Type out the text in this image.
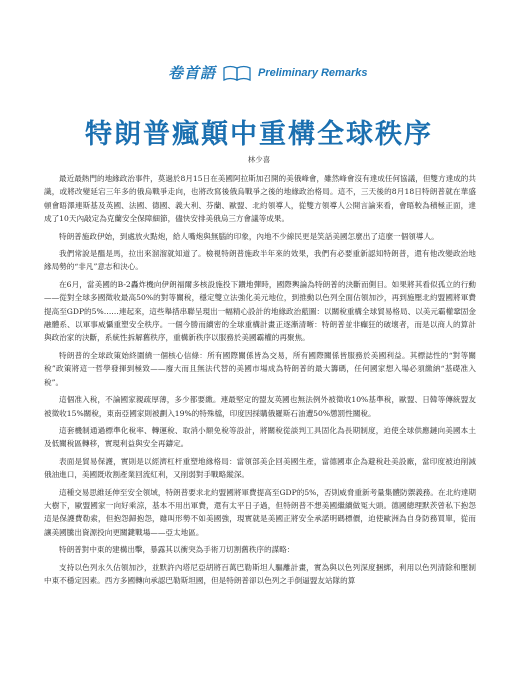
卷首語	Preliminary Remarks
特朗普瘋顛中重構全球秩序
林少喜

最近最熱門的地緣政治事件，莫過於8月15日在美國阿拉斯加召開的美俄峰會，雖然峰會沒有達成任何協議，但雙方達成的共識，或將改變延宕三年多的俄烏戰爭走向，也將改寫後俄烏戰爭之後的地緣政治格局。這不，三天後的8月18日特朗普就在華盛頓會晤澤連斯基及英國、法國、德國、義大利、芬蘭、歐盟、北約領導人，從雙方領導人公開言論來看，會晤較為積極正面，達成了10天內敲定為克蘭安全保障細節，儘快安排美俄烏三方會議等成果。

特朗普施政伊始，到處放火點炮，給人嘴炮與無腦的印象，內地不少線民更是笑話美國怎麼出了這麼一個領導人。

我們常說是醞是馬，拉出來溜溜就知道了。檢視特朗普施政半年來的效果，我們有必要重新認知特朗普，還有他改變政治地緣局勢的“非凡”意志和決心。

在6月，當美國的B-2轟炸機向伊朗福爾多核設施投下鑽地彈時，國際輿論為特朗普的決斷而側目。如果將其看似孤立的行動——從對全球多國徵收最高50%的對等關稅，穩定雙立法強化美元地位，到推動以色列全面佔領加沙，再到施壓北約盟國將軍費提高至GDP的5%……連起來，這些舉措串聯呈現出一幅精心設計的地緣政治藍圖：以關稅重構全球貿易格局、以美元霸權鞏固金融體系、以軍事威懾重塑安全秩序。一個今勝而續密的全球重構計畫正逐漸清晰：特朗普並非癲狂的破壞者，而是以商人的算計與政治家的決斷，系統性拆解舊秩序，重構新秩序以服務於美國霸權的再聚焦。

特朗普的全球政策始終圍繞一個核心信條：所有國際關係皆為交易，所有國際關係皆服務於美國利益。其標誌性的“對等關稅”政策將這一哲學發揮到極致——廢大而且無法代替的美國市場成為特朗普的最大籌碼，任何國家想入場必須繳納“基礎准入稅”。

這個准入稅，不論國家親疏厚薄，多少都要繳。連最堅定的盟友英國也無法例外被徵收10%基準稅，歐盟、日韓等傳統盟友被徵收15%關稅，東南亞國家則被劃入19%的特殊檔，印度因採購俄羅斯石油遭50%懲罰性關稅。

這套機制通過標準化稅率、轉運稅、取消小額免稅等設計，將關稅從談判工具固化為長期制度，迫使全球供應鏈向美國本土及低關稅區轉移，實現利益與安全再鑄定。

表面是貿易保護，實則是以經濟杠杆重塑地緣格局：當領部美企回美國生產，當德國車企為避稅赴美設廠，當印度被迫削減俄油進口，美國既收割產業回流紅利，又削弱對手戰略縱深。

這種交易思維延伸至安全領域，特朗普要求北約盟國將軍費提高至GDP的5%，否則威脅重新考量集體防禦義務。在北約達期大樹下，歐盟國家一向好乘涼，基本不用出軍費，還有太平日子過，但特朗普不想美國繼續做冤大頭。德國總理默茨曾私下抱怨這是保護費勒索，但抱怨歸抱怨，雖叫形勢不如美國強，現實就是美國正將安全承諾明碼標價，迫使歐洲為自身防務買單，從而讓美國騰出資源投向更關鍵戰場——亞太地區。

特朗普對中東的建構出擊，暴露其以衝突為手術刀切割舊秩序的謀略：

支持以色列永久佔領加沙，並默許內塔尼亞胡將百萬巴勒斯坦人驅離計畫，實為與以色列深度捆綁，利用以色列清除和壓制中東不穩定因素。西方多國轉向承認巴勒斯坦國，但是特朗普卻以色列之手倒逼盟友站隊的算
